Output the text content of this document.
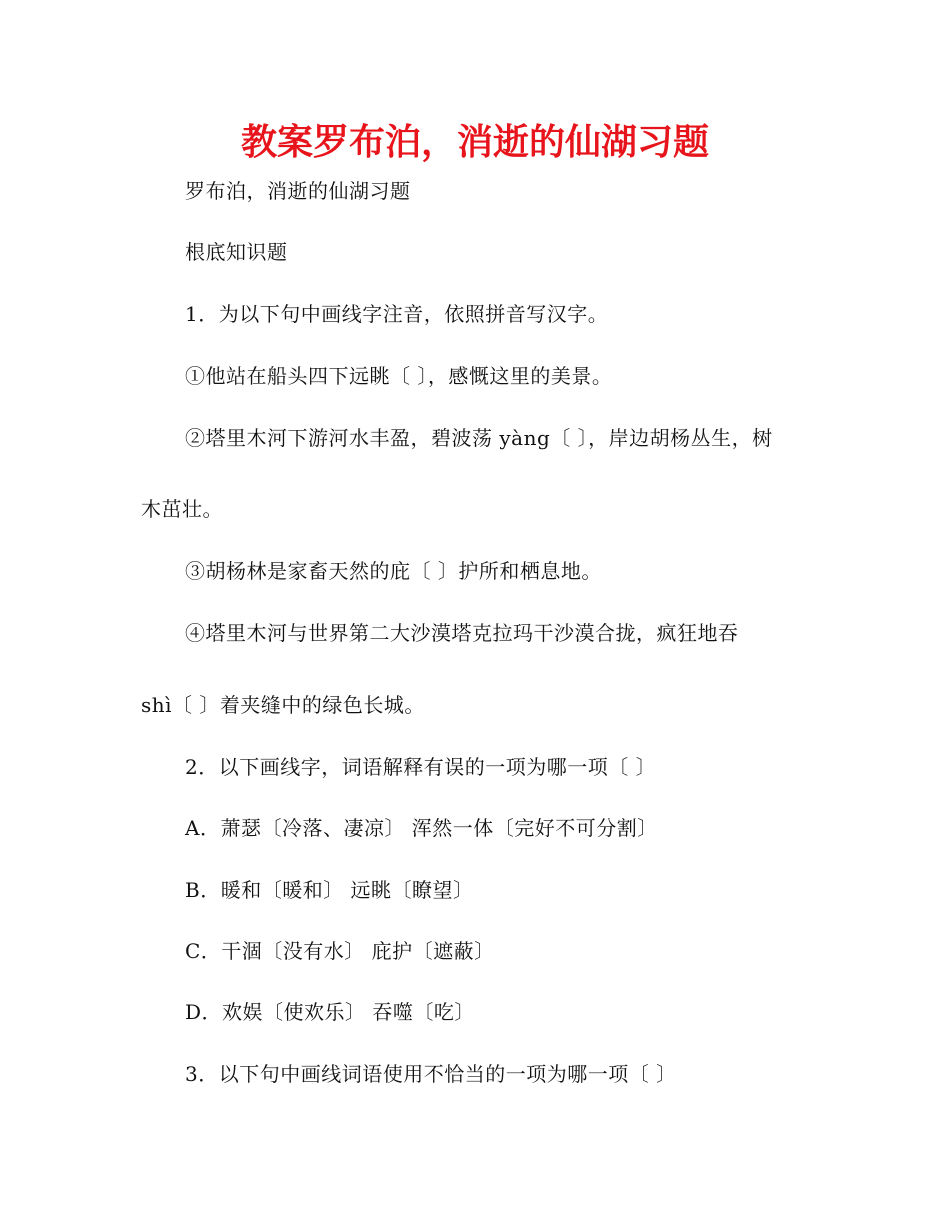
教案罗布泊，消逝的仙湖习题
罗布泊，消逝的仙湖习题
根底知识题
1．为以下句中画线字注音，依照拼音写汉字。
①他站在船头四下远眺〔 〕，感慨这里的美景。
②塔里木河下游河水丰盈，碧波荡 yàng〔 〕，岸边胡杨丛生，树
木茁壮。
③胡杨林是家畜天然的庇〔 〕护所和栖息地。
④塔里木河与世界第二大沙漠塔克拉玛干沙漠合拢，疯狂地吞
shì〔 〕着夹缝中的绿色长城。
2．以下画线字，词语解释有误的一项为哪一项〔 〕
A．萧瑟〔冷落、凄凉〕 浑然一体〔完好不可分割〕
B．暖和〔暖和〕 远眺〔瞭望〕
C．干涸〔没有水〕 庇护〔遮蔽〕
D．欢娱〔使欢乐〕 吞噬〔吃〕
3．以下句中画线词语使用不恰当的一项为哪一项〔 〕
